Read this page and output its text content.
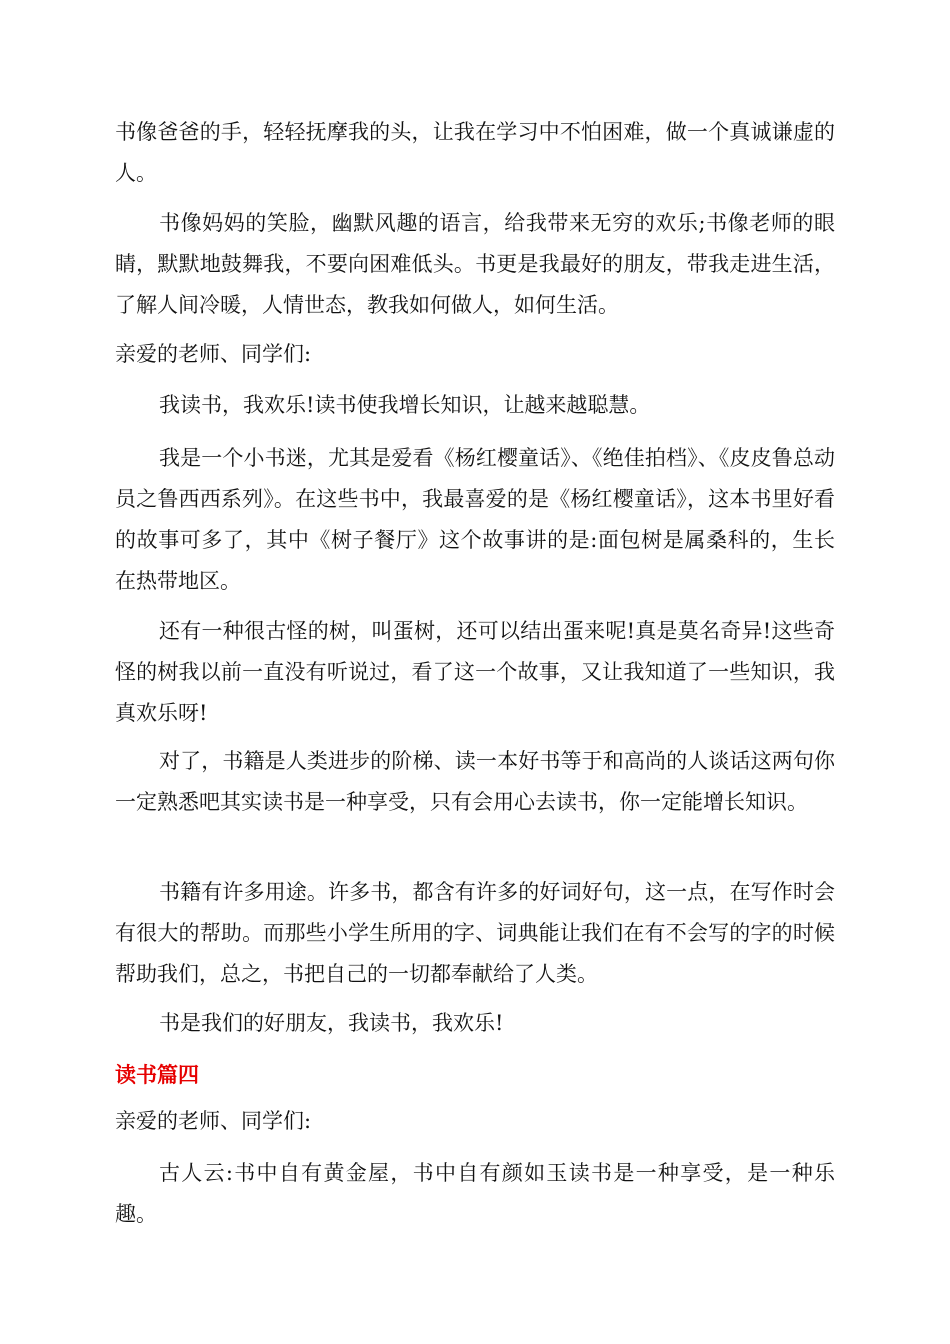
书像爸爸的手，轻轻抚摩我的头，让我在学习中不怕困难，做一个真诚谦虚的人。

书像妈妈的笑脸，幽默风趣的语言，给我带来无穷的欢乐;书像老师的眼睛，默默地鼓舞我，不要向困难低头。书更是我最好的朋友，带我走进生活，了解人间冷暖，人情世态，教我如何做人，如何生活。

亲爱的老师、同学们:

我读书，我欢乐!读书使我增长知识，让越来越聪慧。

我是一个小书迷，尤其是爱看《杨红樱童话》、《绝佳拍档》、《皮皮鲁总动员之鲁西西系列》。在这些书中，我最喜爱的是《杨红樱童话》，这本书里好看的故事可多了，其中《树子餐厅》这个故事讲的是:面包树是属桑科的，生长在热带地区。

还有一种很古怪的树，叫蛋树，还可以结出蛋来呢!真是莫名奇异!这些奇怪的树我以前一直没有听说过，看了这一个故事，又让我知道了一些知识，我真欢乐呀!

对了，书籍是人类进步的阶梯、读一本好书等于和高尚的人谈话这两句你一定熟悉吧其实读书是一种享受，只有会用心去读书，你一定能增长知识。

书籍有许多用途。许多书，都含有许多的好词好句，这一点，在写作时会有很大的帮助。而那些小学生所用的字、词典能让我们在有不会写的字的时候帮助我们，总之，书把自己的一切都奉献给了人类。

书是我们的好朋友，我读书，我欢乐!

读书篇四

亲爱的老师、同学们:

古人云:书中自有黄金屋，书中自有颜如玉读书是一种享受，是一种乐趣。
